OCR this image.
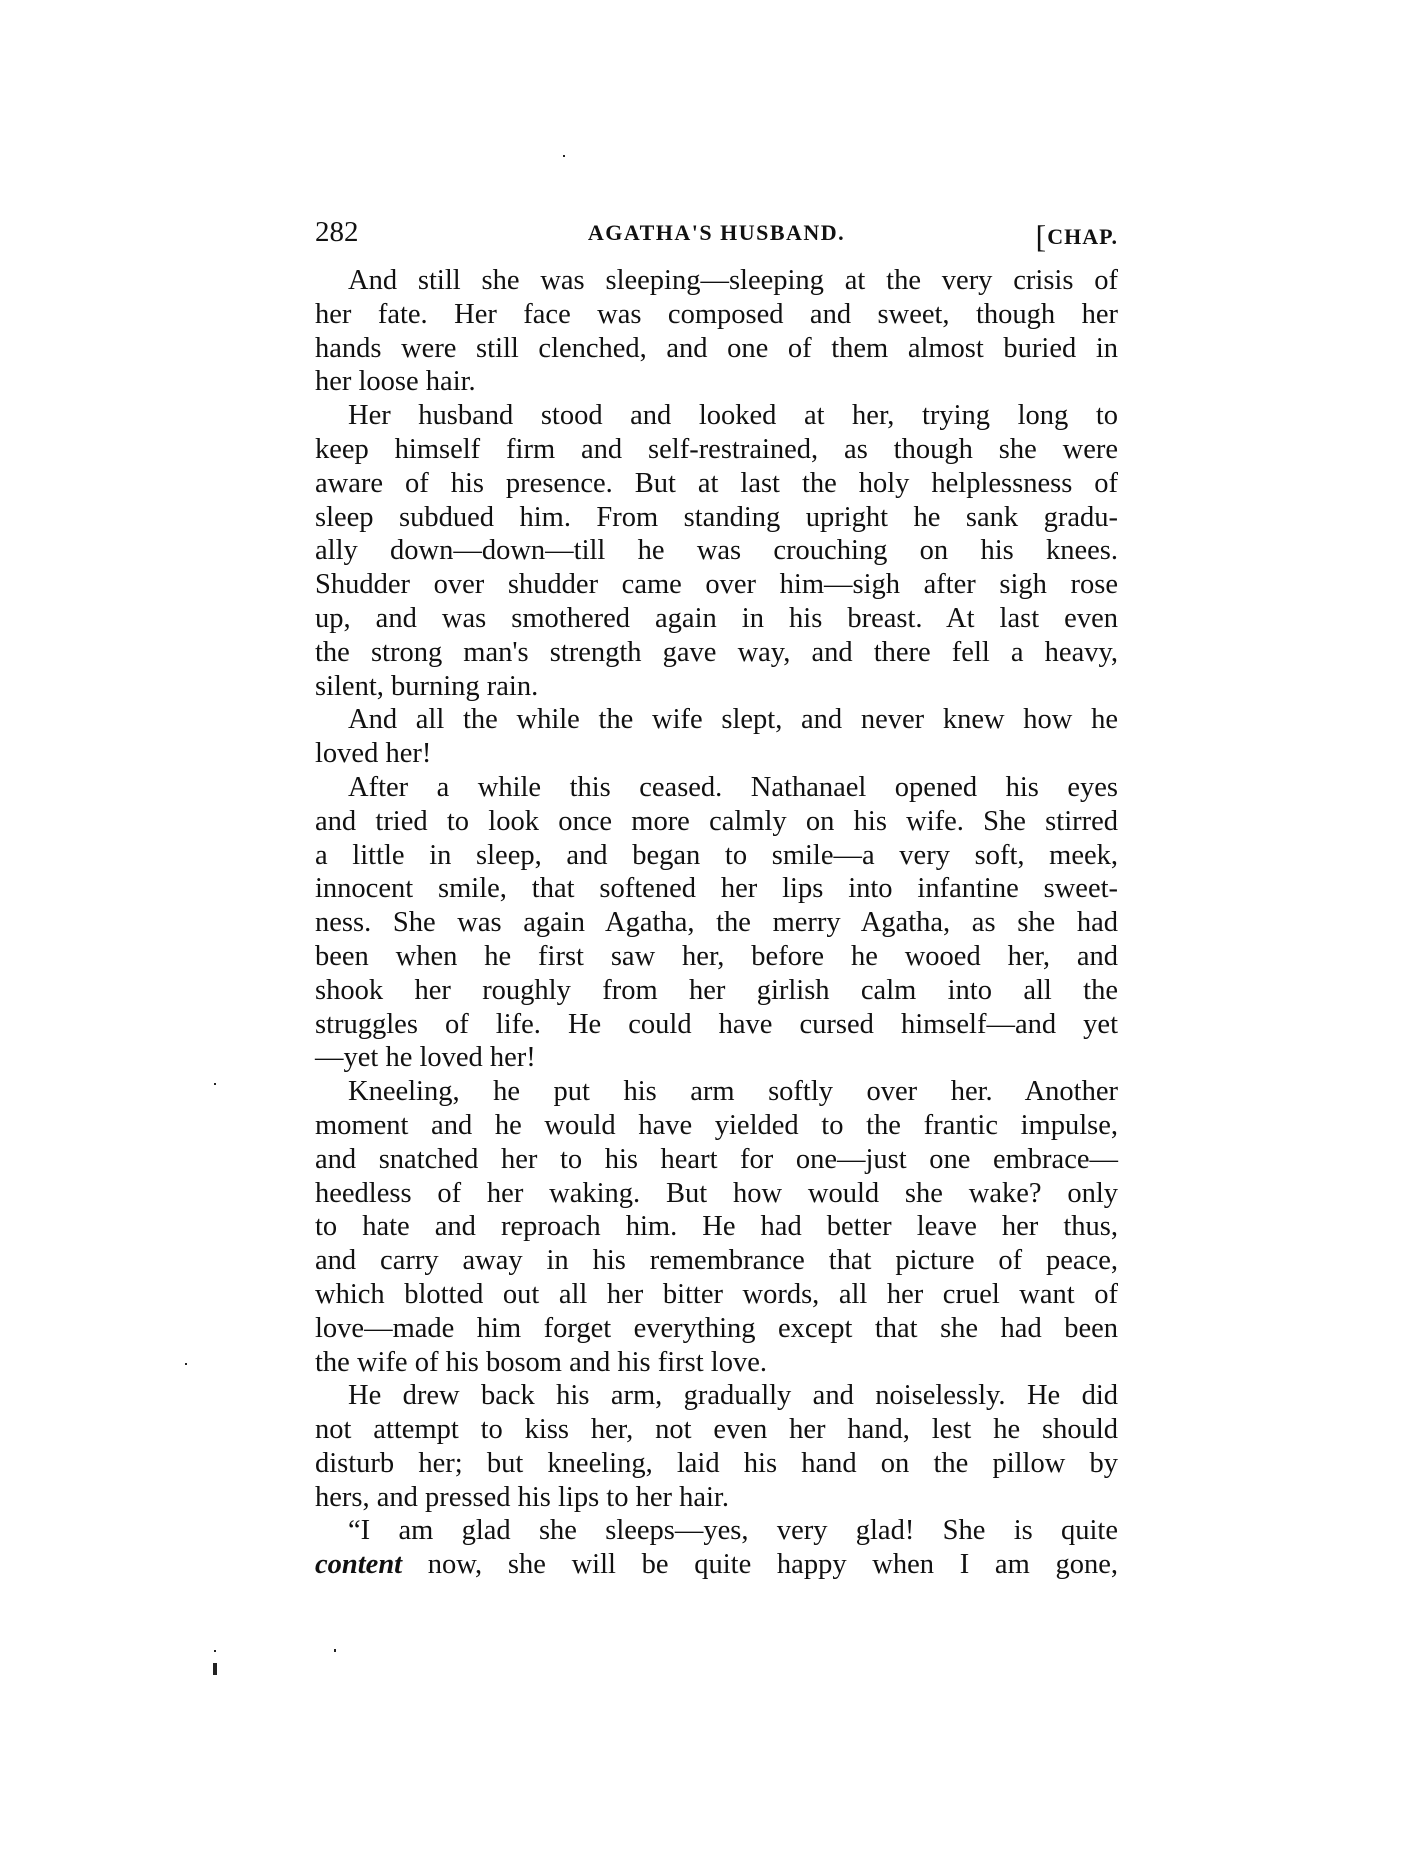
282	AGATHA'S HUSBAND.	[CHAP.
And still she was sleeping—sleeping at the very crisis of
her fate. Her face was composed and sweet, though her
hands were still clenched, and one of them almost buried in
her loose hair.
Her husband stood and looked at her, trying long to
keep himself firm and self-restrained, as though she were
aware of his presence. But at last the holy helplessness of
sleep subdued him. From standing upright he sank gradu-
ally down—down—till he was crouching on his knees.
Shudder over shudder came over him—sigh after sigh rose
up, and was smothered again in his breast. At last even
the strong man's strength gave way, and there fell a heavy,
silent, burning rain.
And all the while the wife slept, and never knew how he
loved her!
After a while this ceased. Nathanael opened his eyes
and tried to look once more calmly on his wife. She stirred
a little in sleep, and began to smile—a very soft, meek,
innocent smile, that softened her lips into infantine sweet-
ness. She was again Agatha, the merry Agatha, as she had
been when he first saw her, before he wooed her, and
shook her roughly from her girlish calm into all the
struggles of life. He could have cursed himself—and yet
—yet he loved her!
Kneeling, he put his arm softly over her. Another
moment and he would have yielded to the frantic impulse,
and snatched her to his heart for one—just one embrace—
heedless of her waking. But how would she wake? only
to hate and reproach him. He had better leave her thus,
and carry away in his remembrance that picture of peace,
which blotted out all her bitter words, all her cruel want of
love—made him forget everything except that she had been
the wife of his bosom and his first love.
He drew back his arm, gradually and noiselessly. He did
not attempt to kiss her, not even her hand, lest he should
disturb her; but kneeling, laid his hand on the pillow by
hers, and pressed his lips to her hair.
“I am glad she sleeps—yes, very glad! She is quite
content now, she will be quite happy when I am gone,
